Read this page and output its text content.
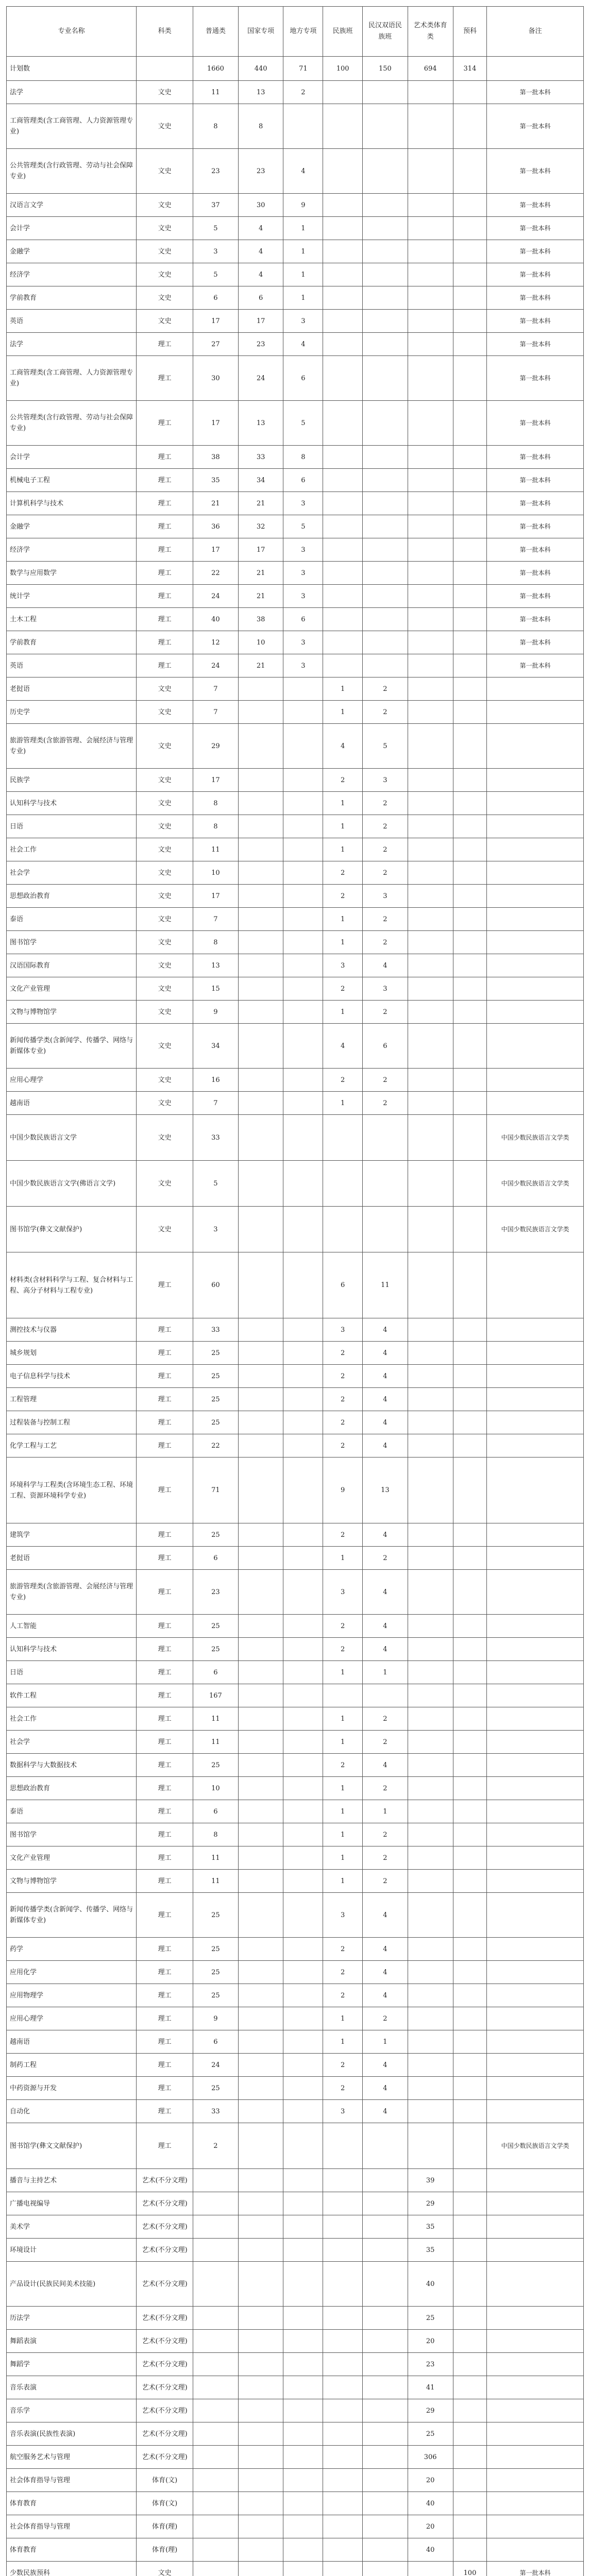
专业名称	科类	普通类	国家专项	地方专项	民族班	民汉双语民族班	艺术类体育类	预科	备注
计划数		1660	440	71	100	150	694	314	
法学	文史	11	13	2					第一批本科
工商管理类(含工商管理、人力资源管理专业)	文史	8	8						第一批本科
公共管理类(含行政管理、劳动与社会保障专业)	文史	23	23	4					第一批本科
汉语言文学	文史	37	30	9					第一批本科
会计学	文史	5	4	1					第一批本科
金融学	文史	3	4	1					第一批本科
经济学	文史	5	4	1					第一批本科
学前教育	文史	6	6	1					第一批本科
英语	文史	17	17	3					第一批本科
法学	理工	27	23	4					第一批本科
工商管理类(含工商管理、人力资源管理专业)	理工	30	24	6					第一批本科
公共管理类(含行政管理、劳动与社会保障专业)	理工	17	13	5					第一批本科
会计学	理工	38	33	8					第一批本科
机械电子工程	理工	35	34	6					第一批本科
计算机科学与技术	理工	21	21	3					第一批本科
金融学	理工	36	32	5					第一批本科
经济学	理工	17	17	3					第一批本科
数学与应用数学	理工	22	21	3					第一批本科
统计学	理工	24	21	3					第一批本科
土木工程	理工	40	38	6					第一批本科
学前教育	理工	12	10	3					第一批本科
英语	理工	24	21	3					第一批本科
老挝语	文史	7			1	2			
历史学	文史	7			1	2			
旅游管理类(含旅游管理、会展经济与管理专业)	文史	29			4	5			
民族学	文史	17			2	3			
认知科学与技术	文史	8			1	2			
日语	文史	8			1	2			
社会工作	文史	11			1	2			
社会学	文史	10			2	2			
思想政治教育	文史	17			2	3			
泰语	文史	7			1	2			
图书馆学	文史	8			1	2			
汉语国际教育	文史	13			3	4			
文化产业管理	文史	15			2	3			
文物与博物馆学	文史	9			1	2			
新闻传播学类(含新闻学、传播学、网络与新媒体专业)	文史	34			4	6			
应用心理学	文史	16			2	2			
越南语	文史	7			1	2			
中国少数民族语言文学	文史	33							中国少数民族语言文学类
中国少数民族语言文学(佛语言文学)	文史	5							中国少数民族语言文学类
图书馆学(彝文文献保护)	文史	3							中国少数民族语言文学类
材料类(含材料科学与工程、复合材料与工程、高分子材料与工程专业)	理工	60			6	11			
测控技术与仪器	理工	33			3	4			
城乡规划	理工	25			2	4			
电子信息科学与技术	理工	25			2	4			
工程管理	理工	25			2	4			
过程装备与控制工程	理工	25			2	4			
化学工程与工艺	理工	22			2	4			
环境科学与工程类(含环境生态工程、环境工程、资源环境科学专业)	理工	71			9	13			
建筑学	理工	25			2	4			
老挝语	理工	6			1	2			
旅游管理类(含旅游管理、会展经济与管理专业)	理工	23			3	4			
人工智能	理工	25			2	4			
认知科学与技术	理工	25			2	4			
日语	理工	6			1	1			
软件工程	理工	167							
社会工作	理工	11			1	2			
社会学	理工	11			1	2			
数据科学与大数据技术	理工	25			2	4			
思想政治教育	理工	10			1	2			
泰语	理工	6			1	1			
图书馆学	理工	8			1	2			
文化产业管理	理工	11			1	2			
文物与博物馆学	理工	11			1	2			
新闻传播学类(含新闻学、传播学、网络与新媒体专业)	理工	25			3	4			
药学	理工	25			2	4			
应用化学	理工	25			2	4			
应用物理学	理工	25			2	4			
应用心理学	理工	9			1	2			
越南语	理工	6			1	1			
制药工程	理工	24			2	4			
中药资源与开发	理工	25			2	4			
自动化	理工	33			3	4			
图书馆学(彝文文献保护)	理工	2							中国少数民族语言文学类
播音与主持艺术	艺术(不分文理)						39		
广播电视编导	艺术(不分文理)						29		
美术学	艺术(不分文理)						35		
环境设计	艺术(不分文理)						35		
产品设计(民族民间美术技能)	艺术(不分文理)						40		
历法学	艺术(不分文理)						25		
舞蹈表演	艺术(不分文理)						20		
舞蹈学	艺术(不分文理)						23		
音乐表演	艺术(不分文理)						41		
音乐学	艺术(不分文理)						29		
音乐表演(民族性表演)	艺术(不分文理)						25		
航空服务艺术与管理	艺术(不分文理)						306		
社会体育指导与管理	体育(文)						20		
体育教育	体育(文)						40		
社会体育指导与管理	体育(理)						20		
体育教育	体育(理)						40		
少数民族预科	文史							100	第一批本科
